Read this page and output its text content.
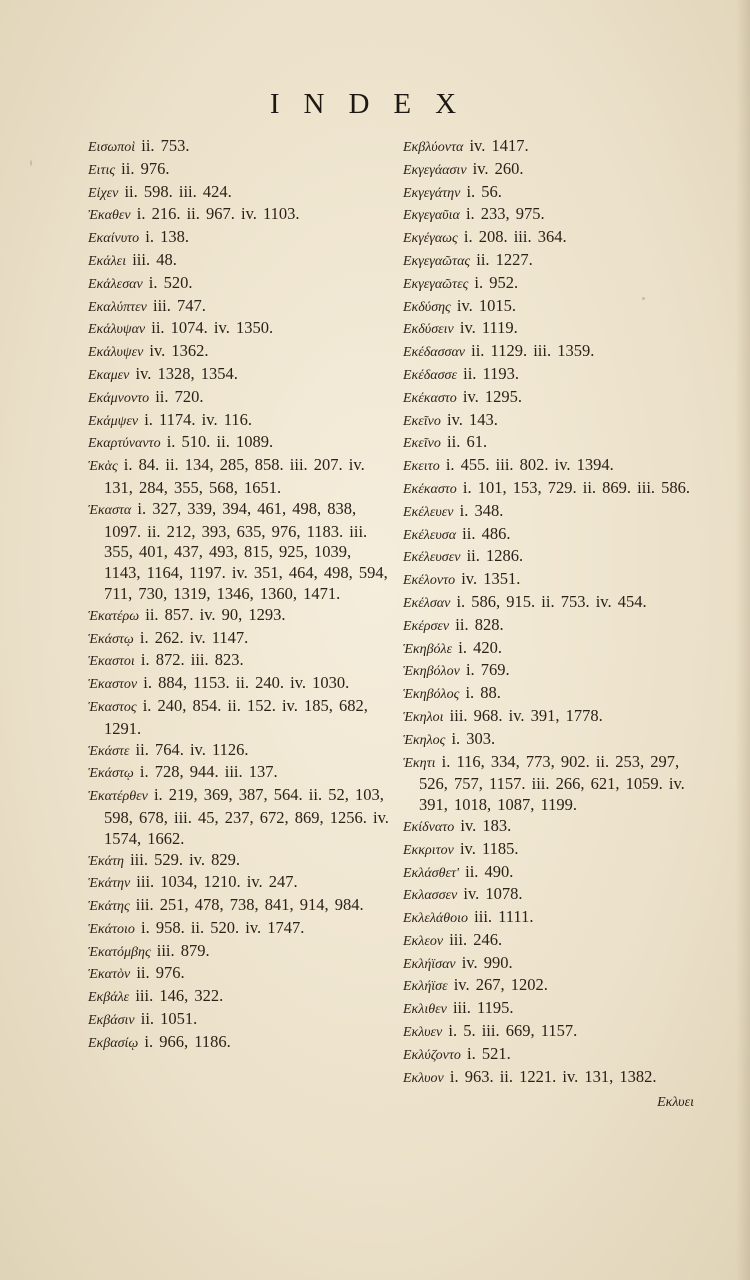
INDEX
Εισωποὶ ii. 753.
Ειτις ii. 976.
Εἰχεν ii. 598. iii. 424.
Ἐκαθεν i. 216. ii. 967. iv. 1103.
Εκαίνυτο i. 138.
Εκάλει iii. 48.
Εκάλεσαν i. 520.
Εκαλύπτεν iii. 747.
Εκάλυψαν ii. 1074. iv. 1350.
Εκάλυψεν iv. 1362.
Εκαμεν iv. 1328, 1354.
Εκάμνοντο ii. 720.
Εκάμψεν i. 1174. iv. 116.
Εκαρτύναντο i. 510. ii. 1089.
Ἑκὰς i. 84. ii. 134, 285, 858. iii. 207. iv. 131, 284, 355, 568, 1651.
Ἑκαστα i. 327, 339, 394, 461, 498, 838, 1097. ii. 212, 393, 635, 976, 1183. iii. 355, 401, 437, 493, 815, 925, 1039, 1143, 1164, 1197. iv. 351, 464, 498, 594, 711, 730, 1319, 1346, 1360, 1471.
Ἑκατέρω ii. 857. iv. 90, 1293.
Ἑκάστῳ i. 262. iv. 1147.
Ἑκαστοι i. 872. iii. 823.
Ἑκαστον i. 884, 1153. ii. 240. iv. 1030.
Ἑκαστος i. 240, 854. ii. 152. iv. 185, 682, 1291.
Ἑκάστε ii. 764. iv. 1126.
Ἑκάστῳ i. 728, 944. iii. 137.
Ἑκατέρθεν i. 219, 369, 387, 564. ii. 52, 103, 598, 678, iii. 45, 237, 672, 869, 1256. iv. 1574, 1662.
Ἑκάτη iii. 529. iv. 829.
Ἑκάτην iii. 1034, 1210. iv. 247.
Ἑκάτης iii. 251, 478, 738, 841, 914, 984.
Ἑκάτοιο i. 958. ii. 520. iv. 1747.
Ἑκατόμβης iii. 879.
Ἑκατὸν ii. 976.
Εκβάλε iii. 146, 322.
Εκβάσιν ii. 1051.
Εκβασίῳ i. 966, 1186.
Εκβλύοντα iv. 1417.
Εκγεγάασιν iv. 260.
Εκγεγάτην i. 56.
Εκγεγαῦια i. 233, 975.
Εκγέγαως i. 208. iii. 364.
Εκγεγαῶτας ii. 1227.
Εκγεγαῶτες i. 952.
Εκδύσης iv. 1015.
Εκδύσειν iv. 1119.
Εκέδασσαν ii. 1129. iii. 1359.
Εκέδασσε ii. 1193.
Εκέκαστο iv. 1295.
Εκεῖνο iv. 143.
Εκεῖνο ii. 61.
Εκειτο i. 455. iii. 802. iv. 1394.
Εκέκαστο i. 101, 153, 729. ii. 869. iii. 586.
Εκέλευεν i. 348.
Εκέλευσα ii. 486.
Εκέλευσεν ii. 1286.
Εκέλοντο iv. 1351.
Εκέλσαν i. 586, 915. ii. 753. iv. 454.
Εκέρσεν ii. 828.
Ἑκηβόλε i. 420.
Ἑκηβόλον i. 769.
Ἑκηβόλος i. 88.
Ἑκηλοι iii. 968. iv. 391, 1778.
Ἑκηλος i. 303.
Ἑκητι i. 116, 334, 773, 902. ii. 253, 297, 526, 757, 1157. iii. 266, 621, 1059. iv. 391, 1018, 1087, 1199.
Εκίδνατο iv. 183.
Εκκριτον iv. 1185.
Εκλάσθετ' ii. 490.
Εκλασσεν iv. 1078.
Εκλελάθοιο iii. 1111.
Εκλεον iii. 246.
Εκλήϊσαν iv. 990.
Εκλήϊσε iv. 267, 1202.
Εκλιθεν iii. 1195.
Εκλυεν i. 5. iii. 669, 1157.
Εκλύζοντο i. 521.
Εκλυον i. 963. ii. 1221. iv. 131, 1382.
Εκλυει
